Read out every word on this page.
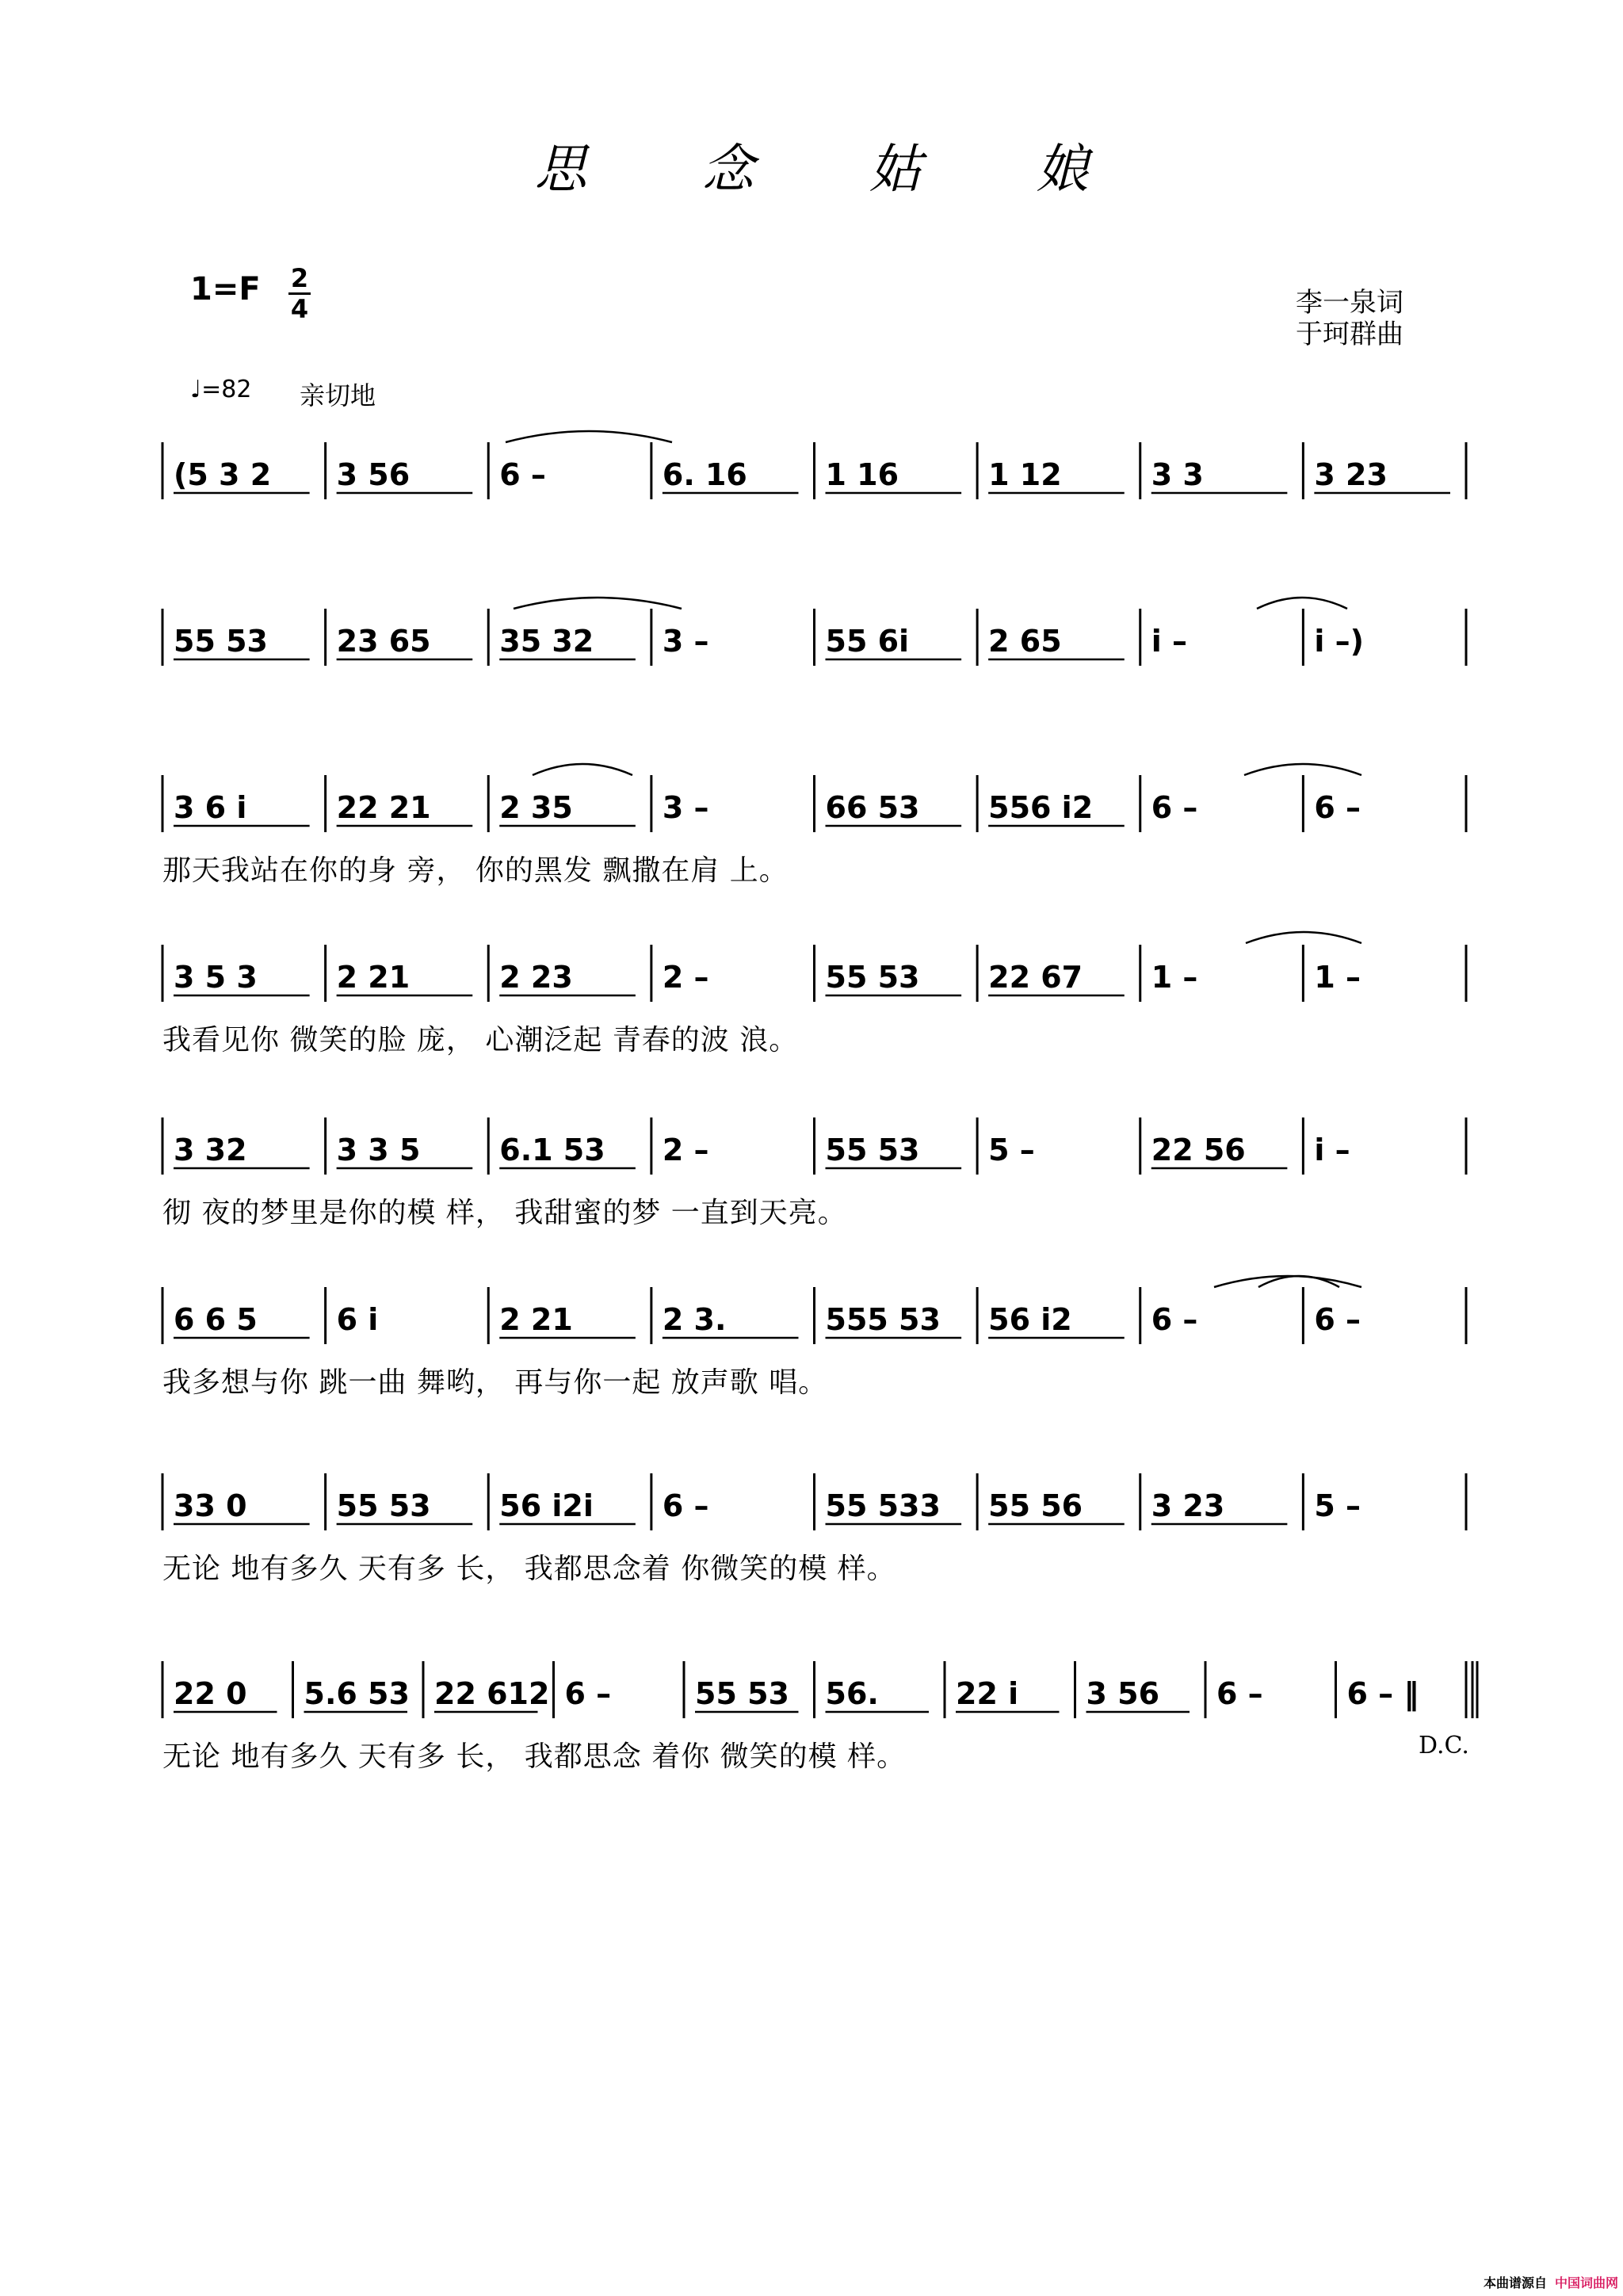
思 念 姑 娘
1=F 2
4	李一泉词
于珂群曲
♩=82 亲切地
(5 3 2 3 56	6 –	6. 16	1 16	1 12	3 3	3 23
55 53 23 65 35 32 3 –	55 6i	2 65	i –	i –)
3 6 i	22 21 2 35	3 –	66 53 556 i2 6 –	6 –
那天我站在你的身 旁， 你的黑发 飘撒在肩 上。
3 5 3	2 21	2 23	2 –	55 53 22 67 1 –	1 –
我看见你 微笑的脸 庞， 心潮泛起 青春的波 浪。
3 32	3 3 5	6.1 53 2 –	55 53 5 –	22 56 i –
彻 夜的梦里是你的模 样， 我甜蜜的梦 一直到天亮。
6 6 5	6 i	2 21	2 3.	555 53 56 i2	6 –	6 –
我多想与你 跳一曲 舞哟， 再与你一起 放声歌 唱。
33 0	55 53 56 i2i 6 –	55 533 55 56 3 23	5 –
无论 地有多久 天有多 长， 我都思念着 你微笑的模 样。
22 0 5.6 53 22 612 6 –	55 53 56.	22 i 3 56 6 –	6 – ‖
无论 地有多久 天有多 长， 我都思念 着你 微笑的模 样。	D.C.
本曲谱源自 中国词曲网
